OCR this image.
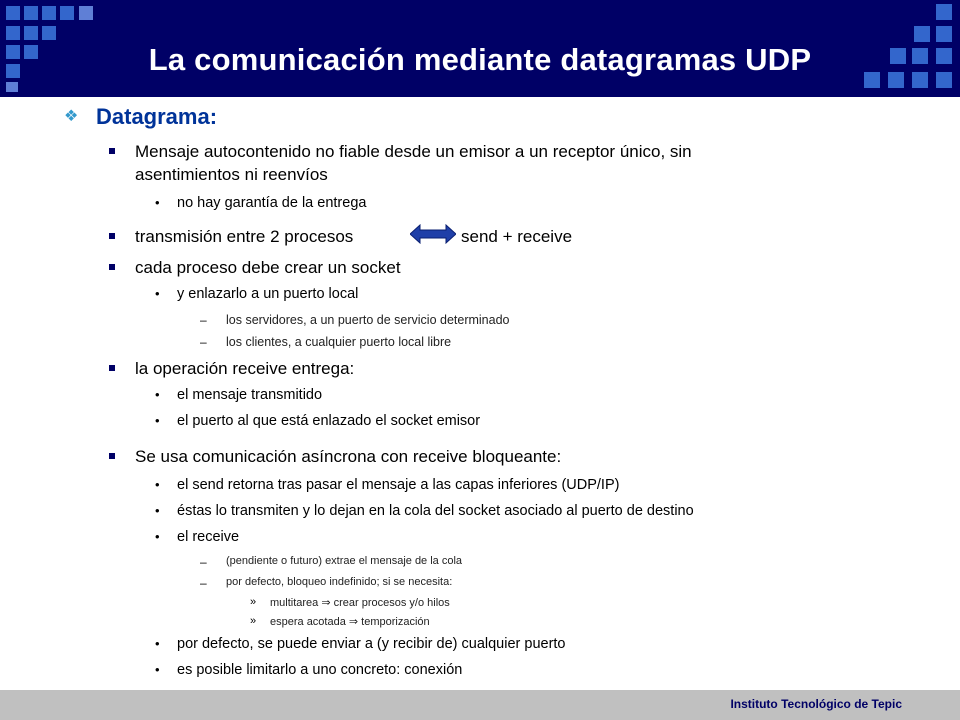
La comunicación mediante datagramas UDP
❖ Datagrama:
Mensaje autocontenido no fiable desde un emisor a un receptor único, sin
asentimientos ni reenvíos
• no hay garantía de la entrega
transmisión entre 2 procesos	send + receive
cada proceso debe crear un socket
• y enlazarlo a un puerto local
– los servidores, a un puerto de servicio determinado
– los clientes, a cualquier puerto local libre
la operación receive entrega:
• el mensaje transmitido
• el puerto al que está enlazado el socket emisor
Se usa comunicación asíncrona con receive bloqueante:
• el send retorna tras pasar el mensaje a las capas inferiores (UDP/IP)
• éstas lo transmiten y lo dejan en la cola del socket asociado al puerto de destino
• el receive
– (pendiente o futuro) extrae el mensaje de la cola
– por defecto, bloqueo indefinido; si se necesita:
» multitarea ⇒ crear procesos y/o hilos
» espera acotada ⇒ temporización
• por defecto, se puede enviar a (y recibir de) cualquier puerto
• es posible limitarlo a uno concreto: conexión
Instituto Tecnológico de Tepic
